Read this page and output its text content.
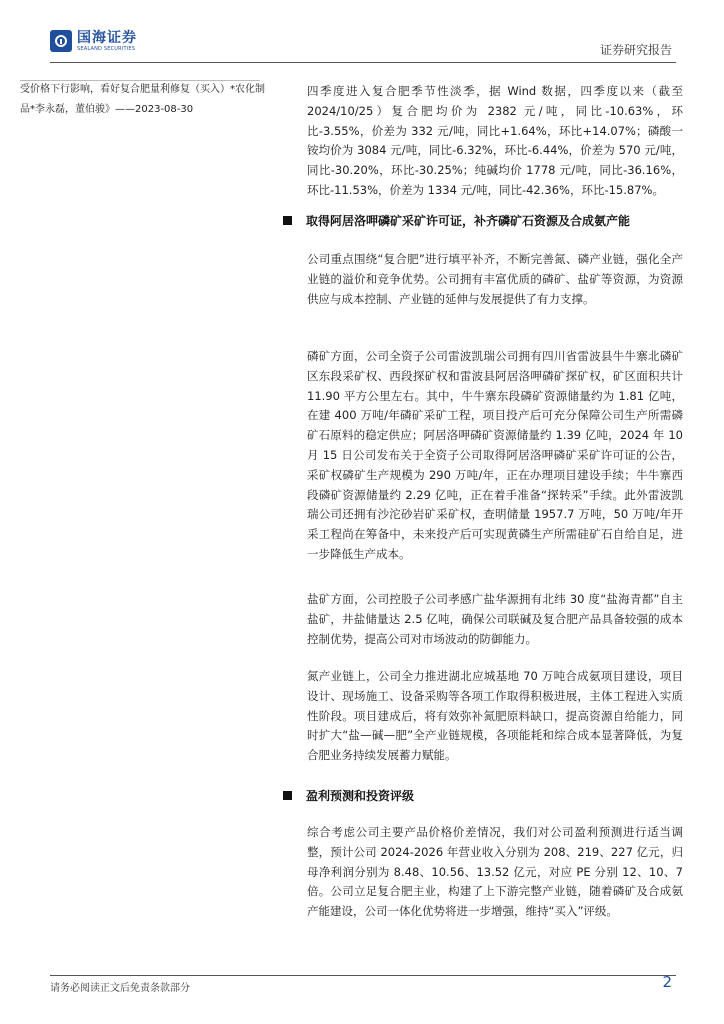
国海证券
SEALAND SECURITIES	证券研究报告
受价格下行影响，看好复合肥量利修复（买入）*农化制品*李永磊，董伯骏》——2023-08-30

四季度进入复合肥季节性淡季，据 Wind 数据，四季度以来（截至 2024/10/25）复合肥均价为 2382 元/吨，同比-10.63%，环比-3.55%，价差为 332 元/吨，同比+1.64%，环比+14.07%；磷酸一铵均价为 3084 元/吨，同比-6.32%，环比-6.44%，价差为 570 元/吨，同比-30.20%，环比-30.25%；纯碱均价 1778 元/吨，同比-36.16%，环比-11.53%，价差为 1334 元/吨，同比-42.36%，环比-15.87%。

取得阿居洛呷磷矿采矿许可证，补齐磷矿石资源及合成氨产能

公司重点围绕“复合肥”进行填平补齐，不断完善氮、磷产业链，强化全产业链的溢价和竞争优势。公司拥有丰富优质的磷矿、盐矿等资源，为资源供应与成本控制、产业链的延伸与发展提供了有力支撑。

磷矿方面，公司全资子公司雷波凯瑞公司拥有四川省雷波县牛牛寨北磷矿区东段采矿权、西段探矿权和雷波县阿居洛呷磷矿探矿权，矿区面积共计 11.90 平方公里左右。其中，牛牛寨东段磷矿资源储量约为 1.81 亿吨，在建 400 万吨/年磷矿采矿工程，项目投产后可充分保障公司生产所需磷矿石原料的稳定供应；阿居洛呷磷矿资源储量约 1.39 亿吨，2024 年 10 月 15 日公司发布关于全资子公司取得阿居洛呷磷矿采矿许可证的公告，采矿权磷矿生产规模为 290 万吨/年，正在办理项目建设手续；牛牛寨西段磷矿资源储量约 2.29 亿吨，正在着手准备“探转采”手续。此外雷波凯瑞公司还拥有沙沱砂岩矿采矿权，查明储量 1957.7 万吨，50 万吨/年开采工程尚在筹备中，未来投产后可实现黄磷生产所需硅矿石自给自足，进一步降低生产成本。

盐矿方面，公司控股子公司孝感广盐华源拥有北纬 30 度“盐海青都”自主盐矿，井盐储量达 2.5 亿吨，确保公司联碱及复合肥产品具备较强的成本控制优势，提高公司对市场波动的防御能力。

氮产业链上，公司全力推进湖北应城基地 70 万吨合成氨项目建设，项目设计、现场施工、设备采购等各项工作取得积极进展，主体工程进入实质性阶段。项目建成后，将有效弥补氮肥原料缺口，提高资源自给能力，同时扩大“盐—碱—肥”全产业链规模，各项能耗和综合成本显著降低，为复合肥业务持续发展蓄力赋能。

盈利预测和投资评级

综合考虑公司主要产品价格价差情况，我们对公司盈利预测进行适当调整，预计公司 2024-2026 年营业收入分别为 208、219、227 亿元，归母净利润分别为 8.48、10.56、13.52 亿元，对应 PE 分别 12、10、7 倍。公司立足复合肥主业，构建了上下游完整产业链，随着磷矿及合成氨产能建设，公司一体化优势将进一步增强，维持“买入”评级。

请务必阅读正文后免责条款部分	2
